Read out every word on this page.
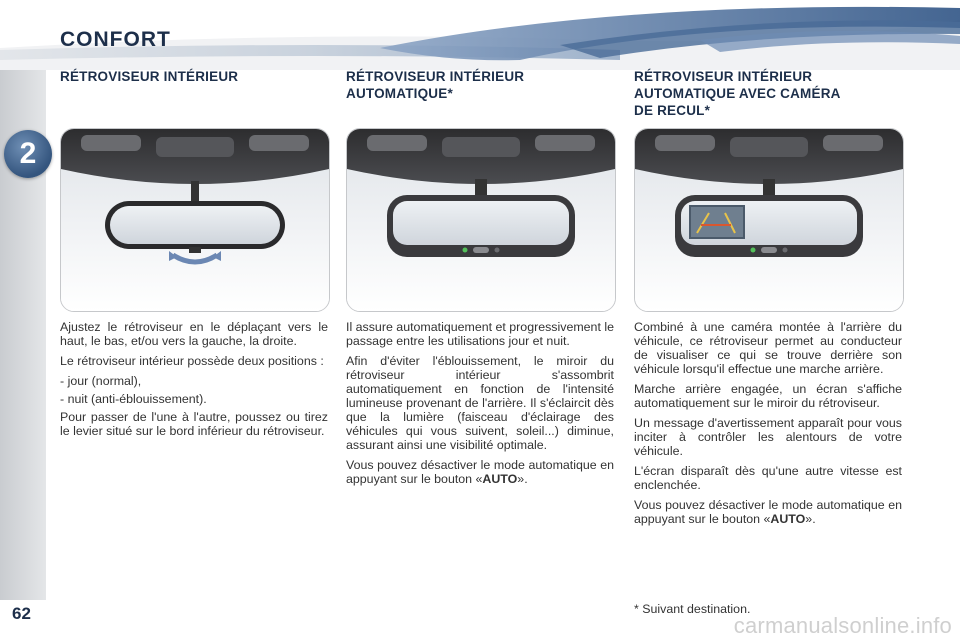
CONFORT
2
62
RÉTROVISEUR INTÉRIEUR

Ajustez le rétroviseur en le déplaçant vers le haut, le bas, et/ou vers la gauche, la droite.

Le rétroviseur intérieur possède deux positions :

- jour (normal),
- nuit (anti-éblouissement).

Pour passer de l'une à l'autre, poussez ou tirez le levier situé sur le bord inférieur du rétroviseur.

RÉTROVISEUR INTÉRIEUR
AUTOMATIQUE*

Il assure automatiquement et progressivement le passage entre les utilisations jour et nuit.

Afin d'éviter l'éblouissement, le miroir du rétroviseur intérieur s'assombrit automatiquement en fonction de l'intensité lumineuse provenant de l'arrière. Il s'éclaircit dès que la lumière (faisceau d'éclairage des véhicules qui vous suivent, soleil...) diminue, assurant ainsi une visibilité optimale.

Vous pouvez désactiver le mode automatique en appuyant sur le bouton «AUTO».

RÉTROVISEUR INTÉRIEUR
AUTOMATIQUE AVEC CAMÉRA
DE RECUL*

Combiné à une caméra montée à l'arrière du véhicule, ce rétroviseur permet au conducteur de visualiser ce qui se trouve derrière son véhicule lorsqu'il effectue une marche arrière.

Marche arrière engagée, un écran s'affiche automatiquement sur le miroir du rétroviseur.

Un message d'avertissement apparaît pour vous inciter à contrôler les alentours de votre véhicule.

L'écran disparaît dès qu'une autre vitesse est enclenchée.

Vous pouvez désactiver le mode automatique en appuyant sur le bouton «AUTO».

* Suivant destination.
carmanualsonline.info
